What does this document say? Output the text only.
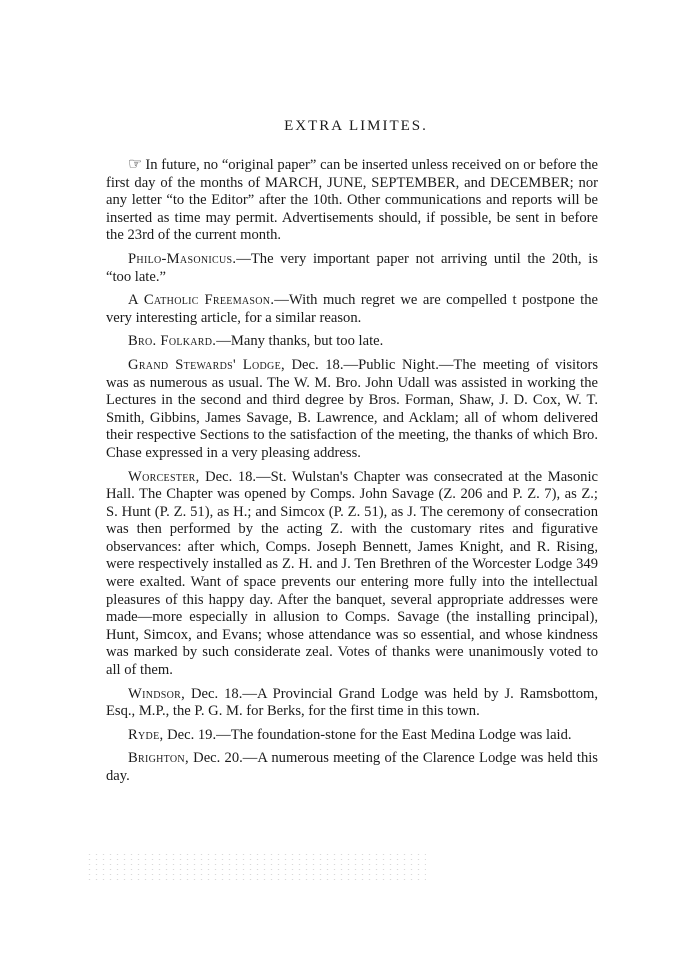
EXTRA LIMITES.

☞ In future, no “original paper” can be inserted unless received on or before the first day of the months of MARCH, JUNE, SEPTEMBER, and DECEMBER; nor any letter “to the Editor” after the 10th. Other communications and reports will be inserted as time may permit. Advertisements should, if possible, be sent in before the 23rd of the current month.

Philo-Masonicus.—The very important paper not arriving until the 20th, is “too late.”

A Catholic Freemason.—With much regret we are compelled t postpone the very interesting article, for a similar reason.

Bro. Folkard.—Many thanks, but too late.

Grand Stewards' Lodge, Dec. 18.—Public Night.—The meeting of visitors was as numerous as usual. The W. M. Bro. John Udall was assisted in working the Lectures in the second and third degree by Bros. Forman, Shaw, J. D. Cox, W. T. Smith, Gibbins, James Savage, B. Lawrence, and Acklam; all of whom delivered their respective Sections to the satisfaction of the meeting, the thanks of which Bro. Chase expressed in a very pleasing address.

Worcester, Dec. 18.—St. Wulstan's Chapter was consecrated at the Masonic Hall. The Chapter was opened by Comps. John Savage (Z. 206 and P. Z. 7), as Z.; S. Hunt (P. Z. 51), as H.; and Simcox (P. Z. 51), as J. The ceremony of consecration was then performed by the acting Z. with the customary rites and figurative observances: after which, Comps. Joseph Bennett, James Knight, and R. Rising, were respectively installed as Z. H. and J. Ten Brethren of the Worcester Lodge 349 were exalted. Want of space prevents our entering more fully into the intellectual pleasures of this happy day. After the banquet, several appropriate addresses were made—more especially in allusion to Comps. Savage (the installing principal), Hunt, Simcox, and Evans; whose attendance was so essential, and whose kindness was marked by such considerate zeal. Votes of thanks were unanimously voted to all of them.

Windsor, Dec. 18.—A Provincial Grand Lodge was held by J. Ramsbottom, Esq., M.P., the P. G. M. for Berks, for the first time in this town.

Ryde, Dec. 19.—The foundation-stone for the East Medina Lodge was laid.

Brighton, Dec. 20.—A numerous meeting of the Clarence Lodge was held this day.
